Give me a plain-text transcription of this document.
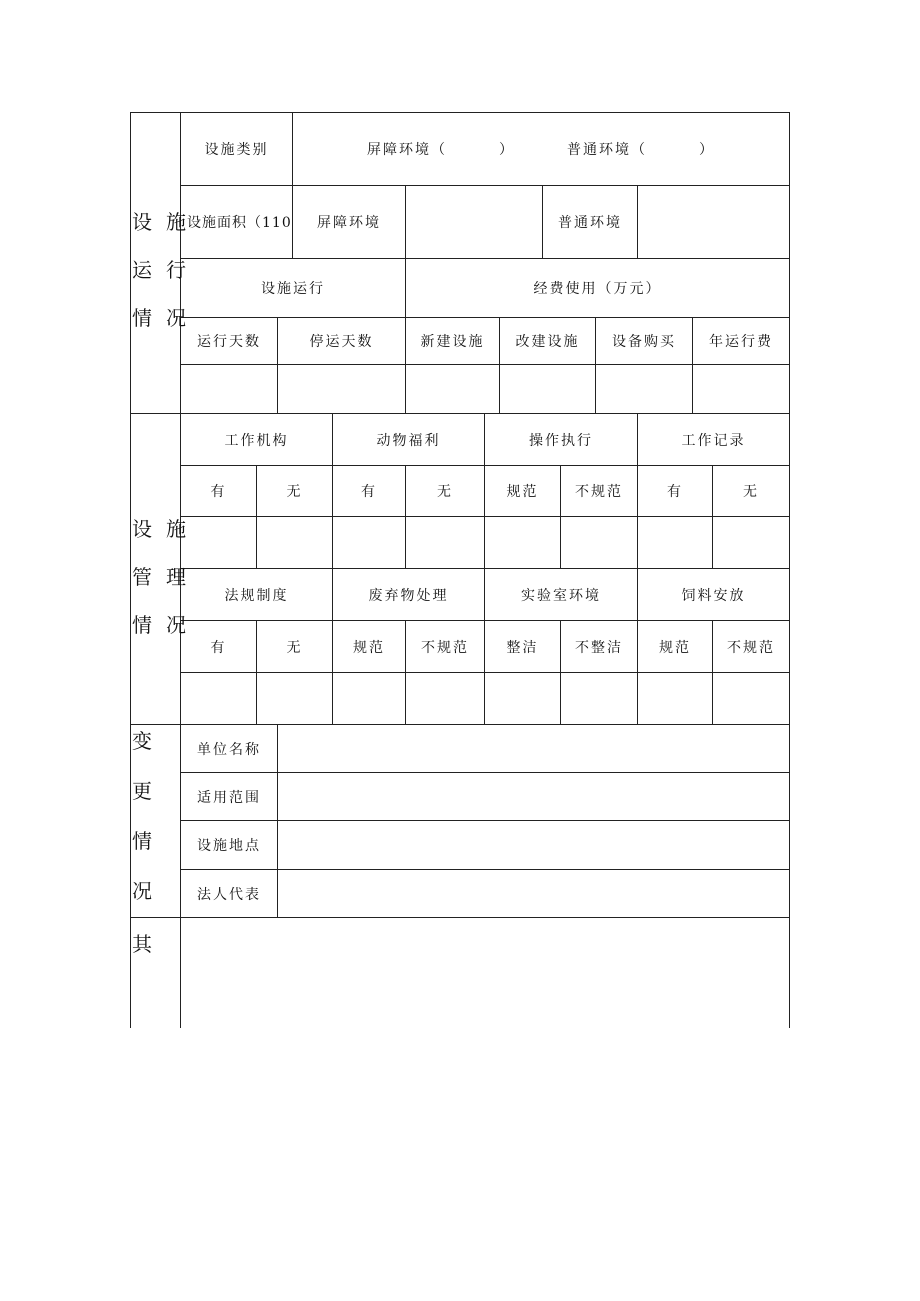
设施
运行
情况
设施
管理
情况
变
更
情
况
其
设施类别	屏障环境（	）	普通环境（	）
设施面积（110	屏障环境	普通环境
设施运行	经费使用（万元）
运行天数	停运天数	新建设施	改建设施	设备购买	年运行费
工作机构	动物福利	操作执行	工作记录
有	无	有	无	规范	不规范	有	无
法规制度	废弃物处理	实验室环境	饲料安放
有	无	规范	不规范	整洁	不整洁	规范	不规范
单位名称
适用范围
设施地点
法人代表
